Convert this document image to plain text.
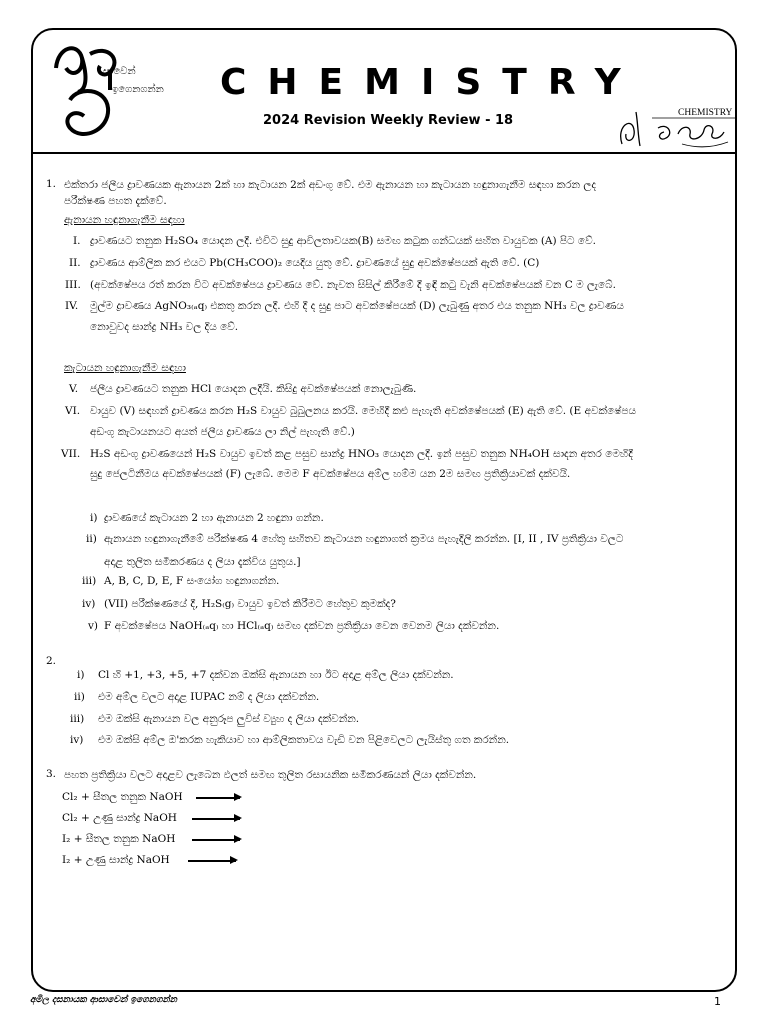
සාවෙන්
ඉගෙනගන්න CHEMISTRY
2024 Revision Weekly Review - 18	CHEMISTRY
1. එක්තරා ජලීය ද්‍රාවණයක ඇනායන 2ක් හා කැටායන 2ක් අඩංගු වේ. එම ඇනායන හා කැටායන හඳුනාගැනීම සඳහා කරන ලද
පරීක්ෂණ පහත දැක්වේ.
ඇනායන හඳුනාගැනීම සඳහා
I. ද්‍රාවණයට තනුක H₂SO₄ යොදන ලදී. එවිට සුදු ආවිලතාවයක(B) සමඟ කටුක ගන්ධයක් සහිත වායුවක (A) පිට වේ.
II. ද්‍රාවණය ආම්ලික කර එයට Pb(CH₃COO)₂ යෙදිය යුතු වේ. ද්‍රාවණයේ සුදු අවක්ෂේපයක් ඇති වේ. (C)
III. (අවක්ෂේපය රත් කරන විට අවක්ෂේපය ද්‍රාවණය වේ. නැවත සිසිල් කිරීමේ දී ඉඳි කටු වැනි අවක්ෂේපයක් වන C ම ලැබේ.
IV. මුල්ම ද්‍රාවණය AgNO₃₍ₐq₎ එකතු කරන ලදී. එහි දී ද සුදු පාට අවක්ෂේපයක් (D) ලැබුණු අතර එය තනුක NH₃ වල ද්‍රාවණය
නොවුවද සාන්ද්‍ර NH₃ වල දිය වේ.
කැටායන හඳුනාගැනීම සඳහා
V. ජලීය ද්‍රාවණයට තනුක HCl යොදන ලදීයි. කිසිදු අවක්ෂේපයක් නොලැබුණි.
VI. වායුව (V) සඳහන් ද්‍රාවණය කරන H₂S වායුව බුබුලනය කරයි. මෙහිදී කළු පැහැති අවක්ෂේපයක් (E) ඇති වේ. (E අවක්ෂේපය
අඩංගු කැටායනයට අයත් ජලීය ද්‍රාවණය ලා නිල් පැහැති වේ.)
VII. H₂S අඩංගු ද්‍රාවණයෙන් H₂S වායුව ඉවත් කළ පසුව සාන්ද්‍ර HNO₃ යොදන ලදී. ඉන් පසුව තනුක NH₄OH සාදන අතර මෙහිදී
සුදු ජෙලටිනීමය අවක්ෂේපයක් (F) ලැබේ. මෙම F අවක්ෂේපය අම්ල හම්ම යන 2ම සමඟ ප්‍රතික්‍රියාවක් දක්වයි.
i) ද්‍රාවණයේ කැටායන 2 හා ඇනායන 2 හඳුනා ගන්න.
ii) ඇනායන හඳුනාගැනීමේ පරීක්ෂණ 4 හේතු සහිතව කැටායන හඳුනාගත් ක්‍රමය පැහැදිලි කරන්න. [I, II , IV ප්‍රතික්‍රියා වලට
අදාළ තුලිත සමීකරණය ද ලියා දැක්විය යුතුය.]
iii) A, B, C, D, E, F සංයෝග හඳුනාගන්න.
iv) (VII) පරීක්ෂණයේ දී, H₂S₍g₎ වායුව ඉවත් කිරීමට හේතුව කුමක්ද?
v) F අවක්ෂේපය NaOH₍ₐq₎ හා HCl₍ₐq₎ සමඟ දක්වන ප්‍රතික්‍රියා වෙන වෙනම ලියා දක්වන්න.
2.
i) Cl හි +1, +3, +5, +7 දක්වන ඔක්සි ඇනායන හා ඊට අදාළ අම්ල ලියා දක්වන්න.
ii) එම අම්ල වලට අදාළ IUPAC නම් ද ලියා දක්වන්න.
iii) එම ඔක්සි ඇනායන වල අනුරූප ලුවිස් ව්‍යුහ ද ලියා දක්වන්න.
iv) එම ඔක්සි අම්ල ඔ'කරක හැකියාව හා ආම්ලිකතාවය වැඩි වන පිළිවෙලට ලැයිස්තු ගත කරන්න.
3. පහත ප්‍රතික්‍රියා වලට අදාළව ලැබෙන ඵලත් සමඟ තුලිත රසායනික සමීකරණයන් ලියා දක්වන්න.
Cl₂ + සීතල තනුක NaOH →
Cl₂ + උණු සාන්ද්‍ර NaOH →
I₂ + සීතල තනුක NaOH →
I₂ + උණු සාන්ද්‍ර NaOH →
අමිල දසනායක ආසාවෙන් ඉගෙනගන්න	1
